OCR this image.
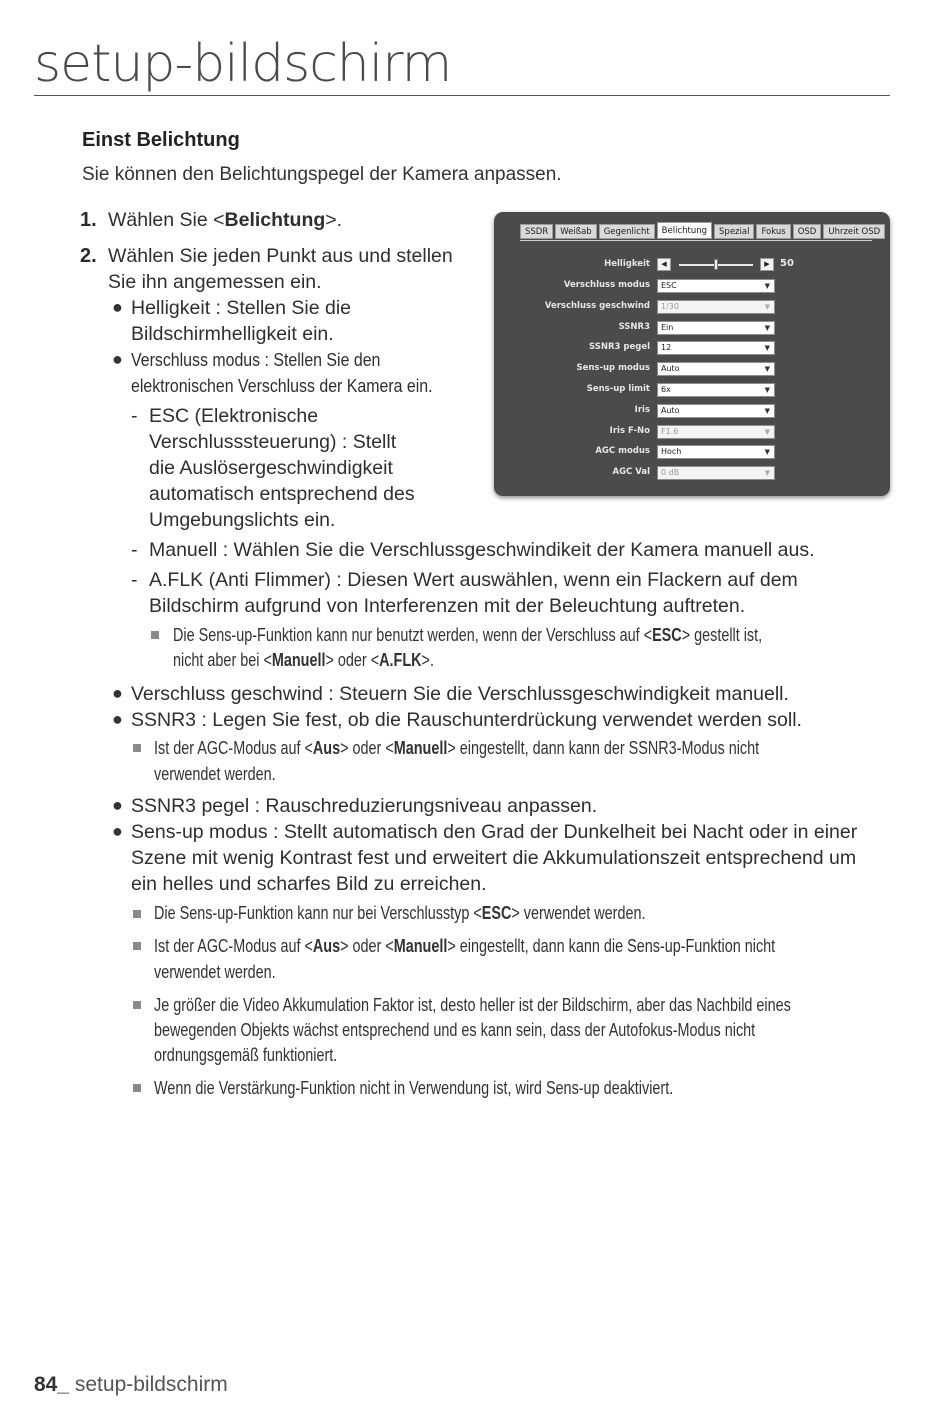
setup-bildschirm
Einst Belichtung
Sie können den Belichtungspegel der Kamera anpassen.
1. Wählen Sie <Belichtung>.
2. Wählen Sie jeden Punkt aus und stellen
Sie ihn angemessen ein.
● Helligkeit : Stellen Sie die
Bildschirmhelligkeit ein.
● Verschluss modus : Stellen Sie den
elektronischen Verschluss der Kamera ein.
- ESC (Elektronische
Verschlusssteuerung) : Stellt
die Auslösergeschwindigkeit
automatisch entsprechend des
Umgebungslichts ein.
- Manuell : Wählen Sie die Verschlussgeschwindikeit der Kamera manuell aus.
- A.FLK (Anti Flimmer) : Diesen Wert auswählen, wenn ein Flackern auf dem
Bildschirm aufgrund von Interferenzen mit der Beleuchtung auftreten.
Die Sens-up-Funktion kann nur benutzt werden, wenn der Verschluss auf <ESC> gestellt ist,
nicht aber bei <Manuell> oder <A.FLK>.
● Verschluss geschwind : Steuern Sie die Verschlussgeschwindigkeit manuell.
● SSNR3 : Legen Sie fest, ob die Rauschunterdrückung verwendet werden soll.
Ist der AGC-Modus auf <Aus> oder <Manuell> eingestellt, dann kann der SSNR3-Modus nicht
verwendet werden.
● SSNR3 pegel : Rauschreduzierungsniveau anpassen.
● Sens-up modus : Stellt automatisch den Grad der Dunkelheit bei Nacht oder in einer
Szene mit wenig Kontrast fest und erweitert die Akkumulationszeit entsprechend um
ein helles und scharfes Bild zu erreichen.
Die Sens-up-Funktion kann nur bei Verschlusstyp <ESC> verwendet werden.
Ist der AGC-Modus auf <Aus> oder <Manuell> eingestellt, dann kann die Sens-up-Funktion nicht
verwendet werden.
Je größer die Video Akkumulation Faktor ist, desto heller ist der Bildschirm, aber das Nachbild eines
bewegenden Objekts wächst entsprechend und es kann sein, dass der Autofokus-Modus nicht
ordnungsgemäß funktioniert.
Wenn die Verstärkung-Funktion nicht in Verwendung ist, wird Sens-up deaktiviert.
SSDR	Weißab	Gegenlicht	Belichtung	Spezial	Fokus	OSD	Uhrzeit OSD
Helligkeit	◀	▶	50
Verschluss modus	ESC	▼
Verschluss geschwind	1/30	▼
SSNR3	Ein	▼
SSNR3 pegel	12	▼
Sens-up modus	Auto	▼
Sens-up limit	6x	▼
Iris	Auto	▼
Iris F-No	F1.6	▼
AGC modus	Hoch	▼
AGC Val	0 dB	▼
84_ setup-bildschirm
